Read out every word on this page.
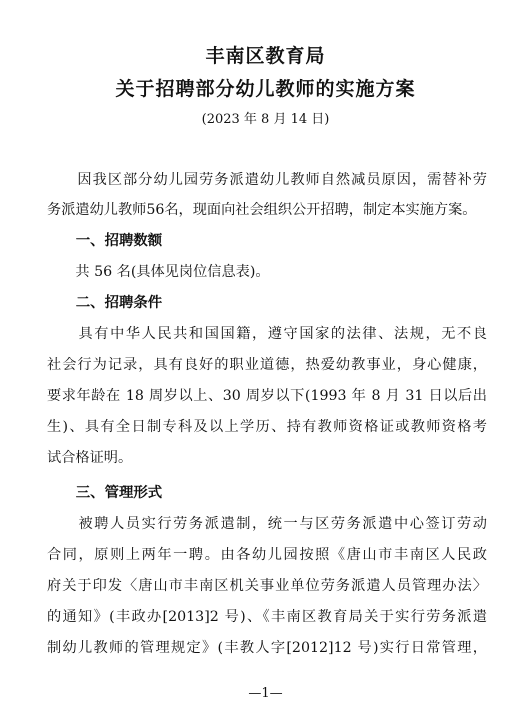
丰南区教育局
关于招聘部分幼儿教师的实施方案
(2023 年 8 月 14 日)
　　因我区部分幼儿园劳务派遣幼儿教师自然减员原因，需替补劳
务派遣幼儿教师56名，现面向社会组织公开招聘，制定本实施方案。
　　一、招聘数额
　　共 56 名(具体见岗位信息表)。
　　二、招聘条件
　　具有中华人民共和国国籍，遵守国家的法律、法规，无不良
社会行为记录，具有良好的职业道德，热爱幼教事业，身心健康，
要求年龄在 18 周岁以上、30 周岁以下(1993 年 8 月 31 日以后出
生)、具有全日制专科及以上学历、持有教师资格证或教师资格考
试合格证明。
　　三、管理形式
　　被聘人员实行劳务派遣制，统一与区劳务派遣中心签订劳动
合同，原则上两年一聘。由各幼儿园按照《唐山市丰南区人民政
府关于印发〈唐山市丰南区机关事业单位劳务派遣人员管理办法〉
的通知》(丰政办[2013]2 号)、《丰南区教育局关于实行劳务派遣
制幼儿教师的管理规定》(丰教人字[2012]12 号)实行日常管理，
—1—
